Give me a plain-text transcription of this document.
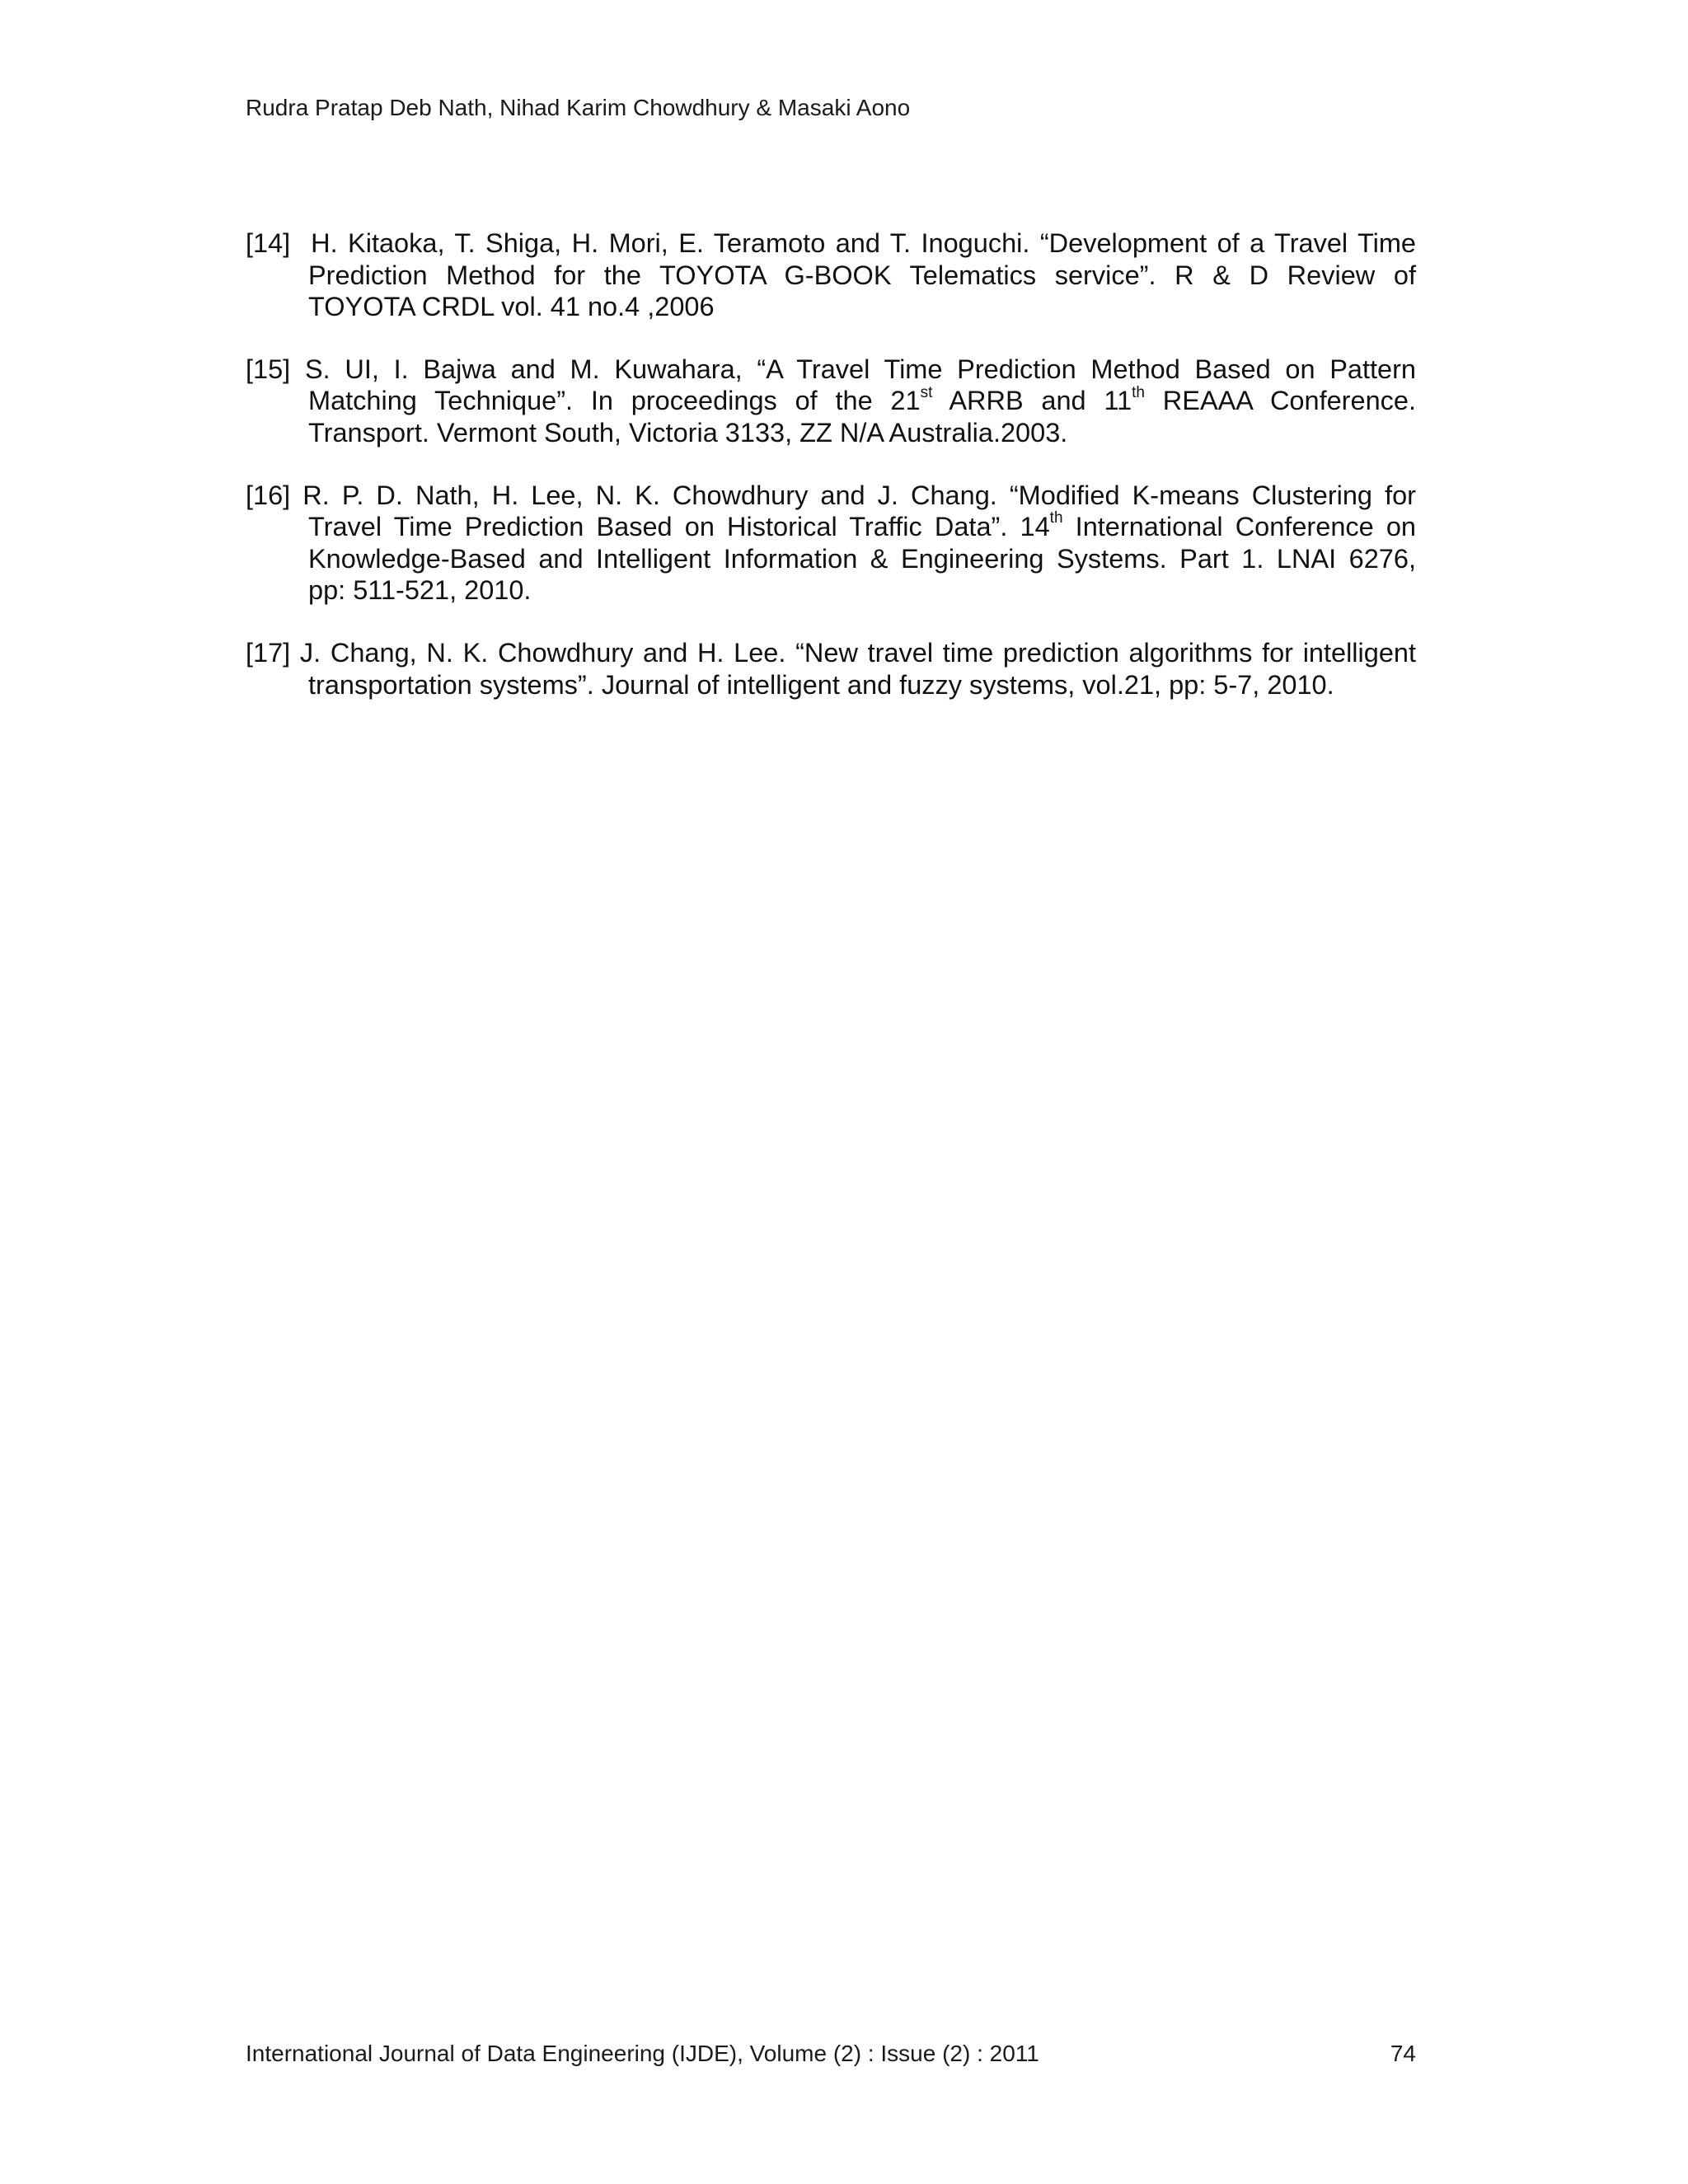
Rudra Pratap Deb Nath, Nihad Karim Chowdhury & Masaki Aono
[14]  H. Kitaoka, T. Shiga, H. Mori, E. Teramoto and T. Inoguchi. “Development of a Travel Time
Prediction Method for the TOYOTA G-BOOK Telematics service”. R & D Review of
TOYOTA CRDL vol. 41 no.4 ,2006
[15] S. UI, I. Bajwa and M. Kuwahara, “A Travel Time Prediction Method Based on Pattern
Matching Technique”. In proceedings of the 21st ARRB and 11th REAAA Conference.
Transport. Vermont South, Victoria 3133, ZZ N/A Australia.2003.
[16] R. P. D. Nath, H. Lee, N. K. Chowdhury and J. Chang. “Modified K-means Clustering for
Travel Time Prediction Based on Historical Traffic Data”. 14th International Conference on
Knowledge-Based and Intelligent Information & Engineering Systems. Part 1. LNAI 6276,
pp: 511-521, 2010.
[17] J. Chang, N. K. Chowdhury and H. Lee. “New travel time prediction algorithms for intelligent
transportation systems”. Journal of intelligent and fuzzy systems, vol.21, pp: 5-7, 2010.
International Journal of Data Engineering (IJDE), Volume (2) : Issue (2) : 2011	74
